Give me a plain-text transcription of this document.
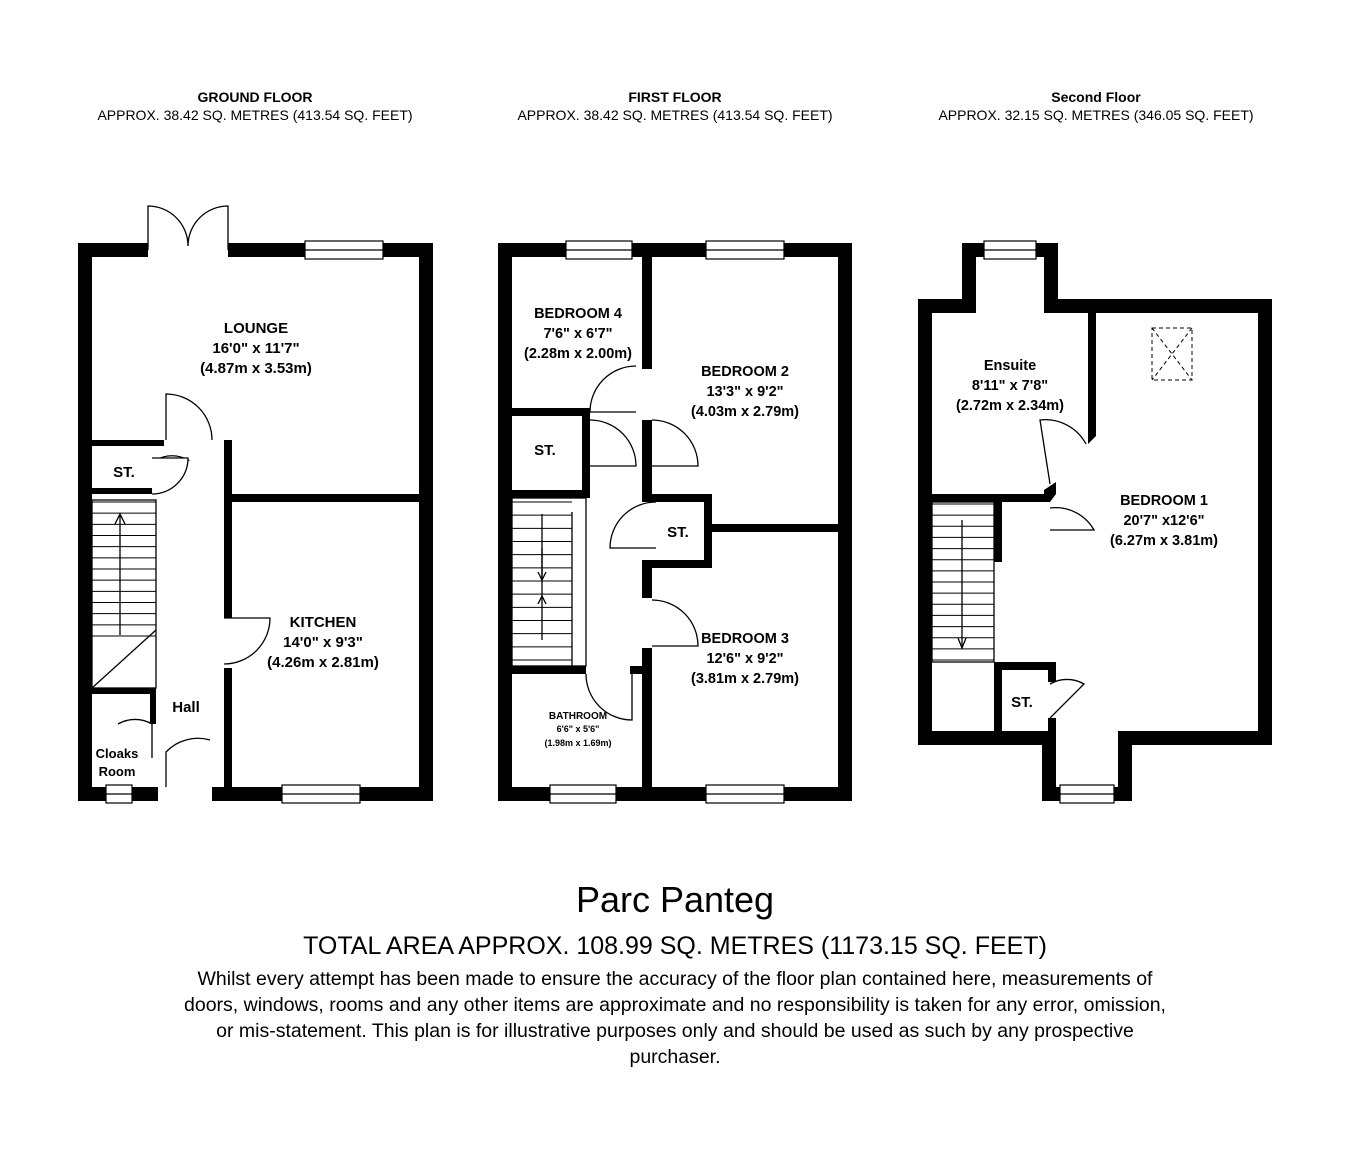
GROUND FLOOR
APPROX. 38.42 SQ. METRES (413.54 SQ. FEET)
FIRST FLOOR
APPROX. 38.42 SQ. METRES (413.54 SQ. FEET)
Second Floor
APPROX. 32.15 SQ. METRES (346.05 SQ. FEET)
LOUNGE
16'0" x 11'7"
(4.87m x 3.53m)
ST.
KITCHEN
14'0" x 9'3"
(4.26m x 2.81m)
Hall
Cloaks
Room
BEDROOM 4
7'6" x 6'7"
(2.28m x 2.00m)
BEDROOM 2
13'3" x 9'2"
(4.03m x 2.79m)
ST.
ST.
BEDROOM 3
12'6" x 9'2"
(3.81m x 2.79m)
BATHROOM
6'6" x 5'6"
(1.98m x 1.69m)
Ensuite
8'11" x 7'8"
(2.72m x 2.34m)
BEDROOM 1
20'7" x12'6"
(6.27m x 3.81m)
ST.
Parc Panteg
TOTAL AREA APPROX. 108.99 SQ. METRES (1173.15 SQ. FEET)
Whilst every attempt has been made to ensure the accuracy of the floor plan contained here, measurements of doors, windows, rooms and any other items are approximate and no responsibility is taken for any error, omission, or mis-statement. This plan is for illustrative purposes only and should be used as such by any prospective purchaser.
